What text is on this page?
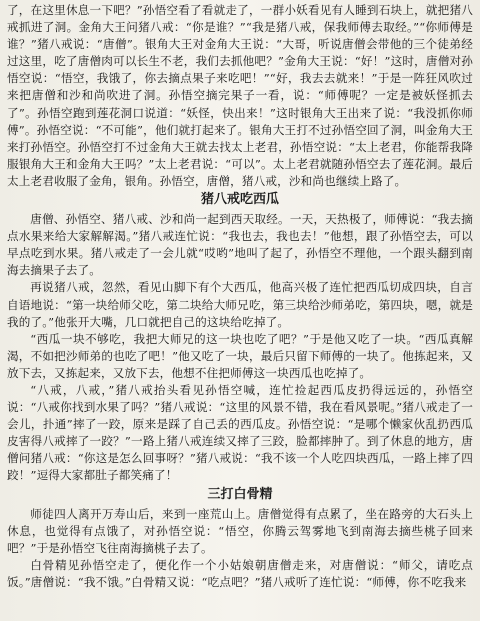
了，在这里休息一下吧？”孙悟空看了看就走了，一群小妖看见有人睡到石块上，就把猪八戒抓进了洞。金角大王问猪八戒：“你是谁？”“我是猪八戒，保我师傅去取经。”“你师傅是谁？”猪八戒说：“唐僧”。银角大王对金角大王说：“大哥，听说唐僧会带他的三个徒弟经过这里，吃了唐僧肉可以长生不老，我们去抓他吧？”金角大王说：“好！”这时，唐僧对孙悟空说：“悟空，我饿了，你去摘点果子来吃吧！”“好，我去去就来！”于是一阵狂风吹过来把唐僧和沙和尚吹进了洞。孙悟空摘完果子一看，说：“师傅呢？一定是被妖怪抓去了”。孙悟空跑到莲花洞口说道：“妖怪，快出来！”这时银角大王出来了说：“我没抓你师傅”。孙悟空说：“不可能”，他们就打起来了。银角大王打不过孙悟空回了洞，叫金角大王来打孙悟空。孙悟空打不过金角大王就去找太上老君，孙悟空说：“太上老君，你能帮我降服银角大王和金角大王吗？”太上老君说：“可以”。太上老君就随孙悟空去了莲花洞。最后太上老君收服了金角，银角。孙悟空，唐僧，猪八戒，沙和尚也继续上路了。

猪八戒吃西瓜

唐僧、孙悟空、猪八戒、沙和尚一起到西天取经。一天，天热极了，师傅说：“我去摘点水果来给大家解解渴。”猪八戒连忙说：“我也去，我也去！”他想，跟了孙悟空去，可以早点吃到水果。猪八戒走了一会儿就“哎哟”地叫了起了，孙悟空不理他，一个跟头翻到南海去摘果子去了。

再说猪八戒，忽然，看见山脚下有个大西瓜，他高兴极了连忙把西瓜切成四块，自言自语地说：“第一块给师父吃，第二块给大师兄吃，第三块给沙师弟吃，第四块，嗯，就是我的了。”他张开大嘴，几口就把自己的这块给吃掉了。

“西瓜一块不够吃，我把大师兄的这一块也吃了吧？”于是他又吃了一块。“西瓜真解渴，不如把沙师弟的也吃了吧！”他又吃了一块，最后只留下师傅的一块了。他拣起来，又放下去，又拣起来，又放下去，他想不住把师傅这一块西瓜也吃掉了。

“八戒，八戒，”猪八戒抬头看见孙悟空喊，连忙捡起西瓜皮扔得远远的，孙悟空说：“八戒你找到水果了吗？”猪八戒说：“这里的风景不错，我在看风景呢。”猪八戒走了一会儿，扑通”摔了一跤，原来是踩了自己丢的西瓜皮。孙悟空说：“是哪个懒家伙乱扔西瓜皮害得八戒摔了一跤？”一路上猪八戒连续又摔了三跤，脸都摔肿了。到了休息的地方，唐僧问猪八戒：“你这是怎么回事呀？”猪八戒说：“我不该一个人吃四块西瓜，一路上摔了四跤！”逗得大家都肚子都笑痛了！

三打白骨精

师徒四人离开万寿山后，来到一座荒山上。唐僧觉得有点累了，坐在路旁的大石头上休息，也觉得有点饿了，对孙悟空说：“悟空，你腾云驾雾地飞到南海去摘些桃子回来吧？”于是孙悟空飞往南海摘桃子去了。

白骨精见孙悟空走了，便化作一个小姑娘朝唐僧走来，对唐僧说：“师父，请吃点饭。”唐僧说：“我不饿。”白骨精又说：“吃点吧？”猪八戒听了连忙说：“师傅，你不吃我来
